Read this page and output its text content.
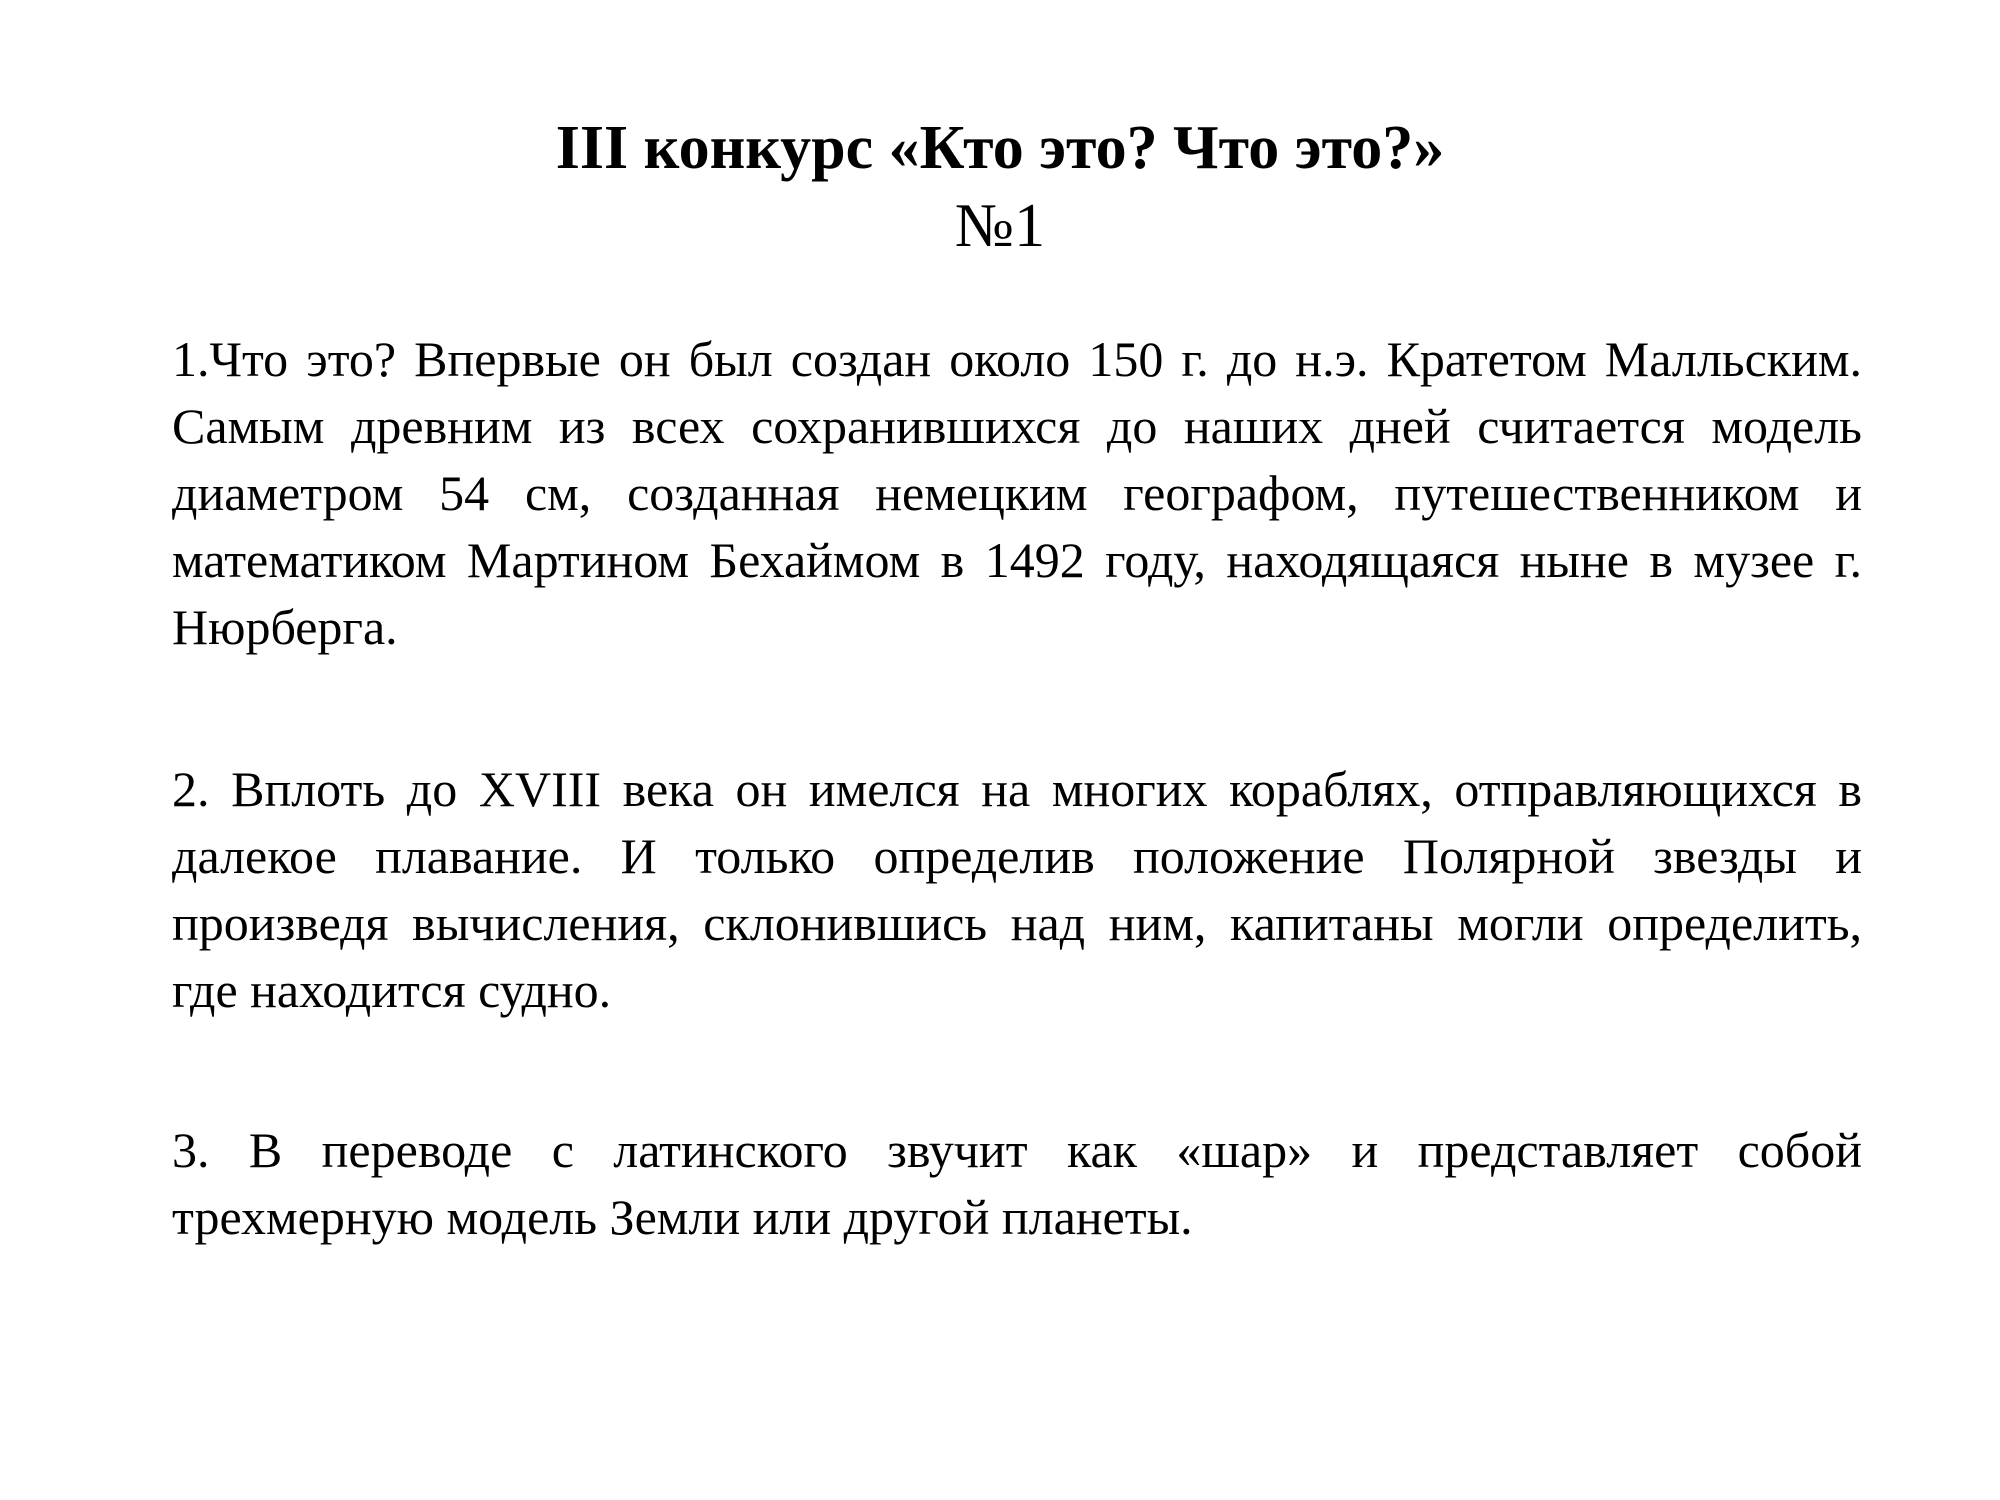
III конкурс «Кто это? Что это?»
№1

1.Что это? Впервые он был создан около 150 г. до н.э. Кратетом Малльским. Самым древним из всех сохранившихся до наших дней считается модель диаметром 54 см, созданная немецким географом, путешественником и математиком Мартином Бехаймом в 1492 году, находящаяся ныне в музее г. Нюрберга.

2. Вплоть до XVIII века он имелся на многих кораблях, отправляющихся в далекое плавание. И только определив положение Полярной звезды и произведя вычисления, склонившись над ним, капитаны могли определить, где находится судно.

3. В переводе с латинского звучит как «шар» и представляет собой трехмерную модель Земли или другой планеты.
